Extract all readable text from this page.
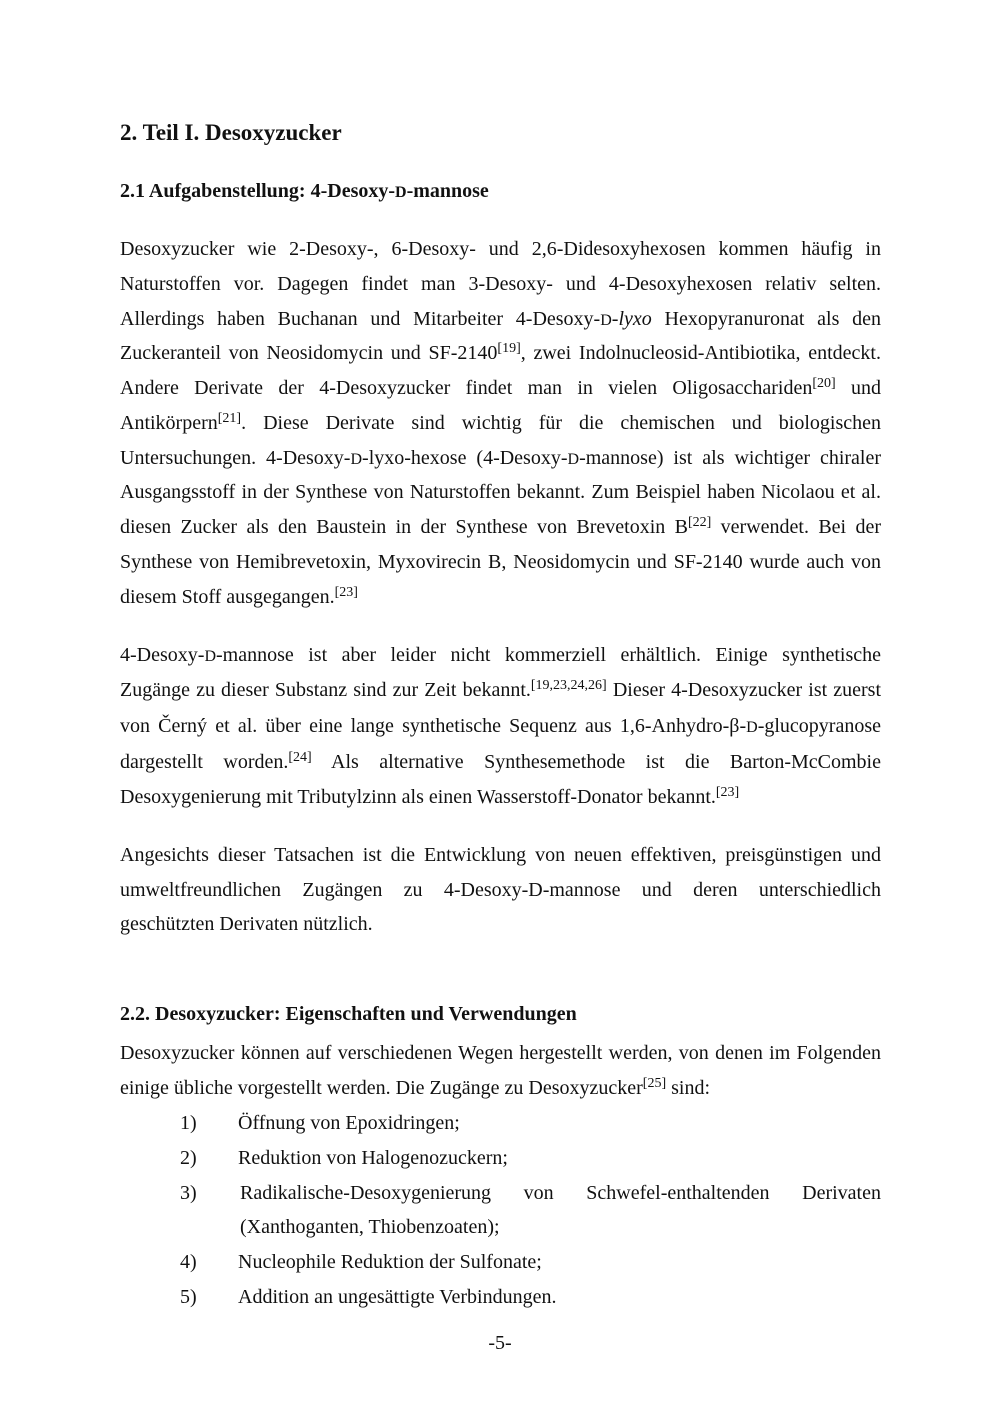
2. Teil I. Desoxyzucker
2.1 Aufgabenstellung: 4-Desoxy-D-mannose
Desoxyzucker wie 2-Desoxy-, 6-Desoxy- und 2,6-Didesoxyhexosen kommen häufig in
Naturstoffen vor. Dagegen findet man 3-Desoxy- und 4-Desoxyhexosen relativ selten.
Allerdings haben Buchanan und Mitarbeiter 4-Desoxy-D-lyxo Hexopyranuronat als den
Zuckeranteil von Neosidomycin und SF-2140[19], zwei Indolnucleosid-Antibiotika, entdeckt.
Andere Derivate der 4-Desoxyzucker findet man in vielen Oligosacchariden[20] und
Antikörpern[21]. Diese Derivate sind wichtig für die chemischen und biologischen
Untersuchungen. 4-Desoxy-D-lyxo-hexose (4-Desoxy-D-mannose) ist als wichtiger chiraler
Ausgangsstoff in der Synthese von Naturstoffen bekannt. Zum Beispiel haben Nicolaou et al.
diesen Zucker als den Baustein in der Synthese von Brevetoxin B[22] verwendet. Bei der
Synthese von Hemibrevetoxin, Myxovirecin B, Neosidomycin und SF-2140 wurde auch von
diesem Stoff ausgegangen.[23]
4-Desoxy-D-mannose ist aber leider nicht kommerziell erhältlich. Einige synthetische
Zugänge zu dieser Substanz sind zur Zeit bekannt.[19,23,24,26] Dieser 4-Desoxyzucker ist zuerst
von Černý et al. über eine lange synthetische Sequenz aus 1,6-Anhydro-β-D-glucopyranose
dargestellt worden.[24] Als alternative Synthesemethode ist die Barton-McCombie
Desoxygenierung mit Tributylzinn als einen Wasserstoff-Donator bekannt.[23]
Angesichts dieser Tatsachen ist die Entwicklung von neuen effektiven, preisgünstigen und
umweltfreundlichen Zugängen zu 4-Desoxy-D-mannose und deren unterschiedlich
geschützten Derivaten nützlich.
2.2. Desoxyzucker: Eigenschaften und Verwendungen
Desoxyzucker können auf verschiedenen Wegen hergestellt werden, von denen im Folgenden
einige übliche vorgestellt werden. Die Zugänge zu Desoxyzucker[25] sind:
1) Öffnung von Epoxidringen;
2) Reduktion von Halogenozuckern;
3) Radikalische-Desoxygenierung von Schwefel-enthaltenden Derivaten
(Xanthoganten, Thiobenzoaten);
4) Nucleophile Reduktion der Sulfonate;
5) Addition an ungesättigte Verbindungen.
-5-
